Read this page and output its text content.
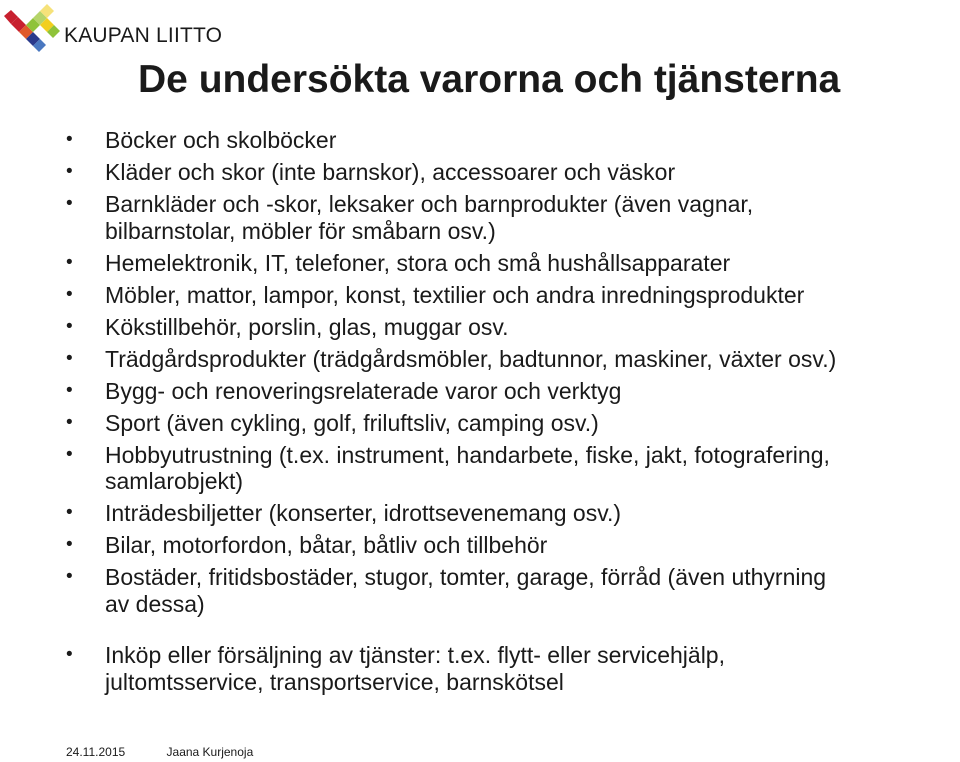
KAUPAN LIITTO
De undersökta varorna och tjänsterna
• Böcker och skolböcker
• Kläder och skor (inte barnskor), accessoarer och väskor
• Barnkläder och -skor, leksaker och barnprodukter (även vagnar,
bilbarnstolar, möbler för småbarn osv.)
• Hemelektronik, IT, telefoner, stora och små hushållsapparater
• Möbler, mattor, lampor, konst, textilier och andra inredningsprodukter
• Kökstillbehör, porslin, glas, muggar osv.
• Trädgårdsprodukter (trädgårdsmöbler, badtunnor, maskiner, växter osv.)
• Bygg- och renoveringsrelaterade varor och verktyg
• Sport (även cykling, golf, friluftsliv, camping osv.)
• Hobbyutrustning (t.ex. instrument, handarbete, fiske, jakt, fotografering,
samlarobjekt)
• Inträdesbiljetter (konserter, idrottsevenemang osv.)
• Bilar, motorfordon, båtar, båtliv och tillbehör
• Bostäder, fritidsbostäder, stugor, tomter, garage, förråd (även uthyrning
av dessa)
• Inköp eller försäljning av tjänster: t.ex. flytt- eller servicehjälp,
jultomtsservice, transportservice, barnskötsel
24.11.2015	Jaana Kurjenoja
